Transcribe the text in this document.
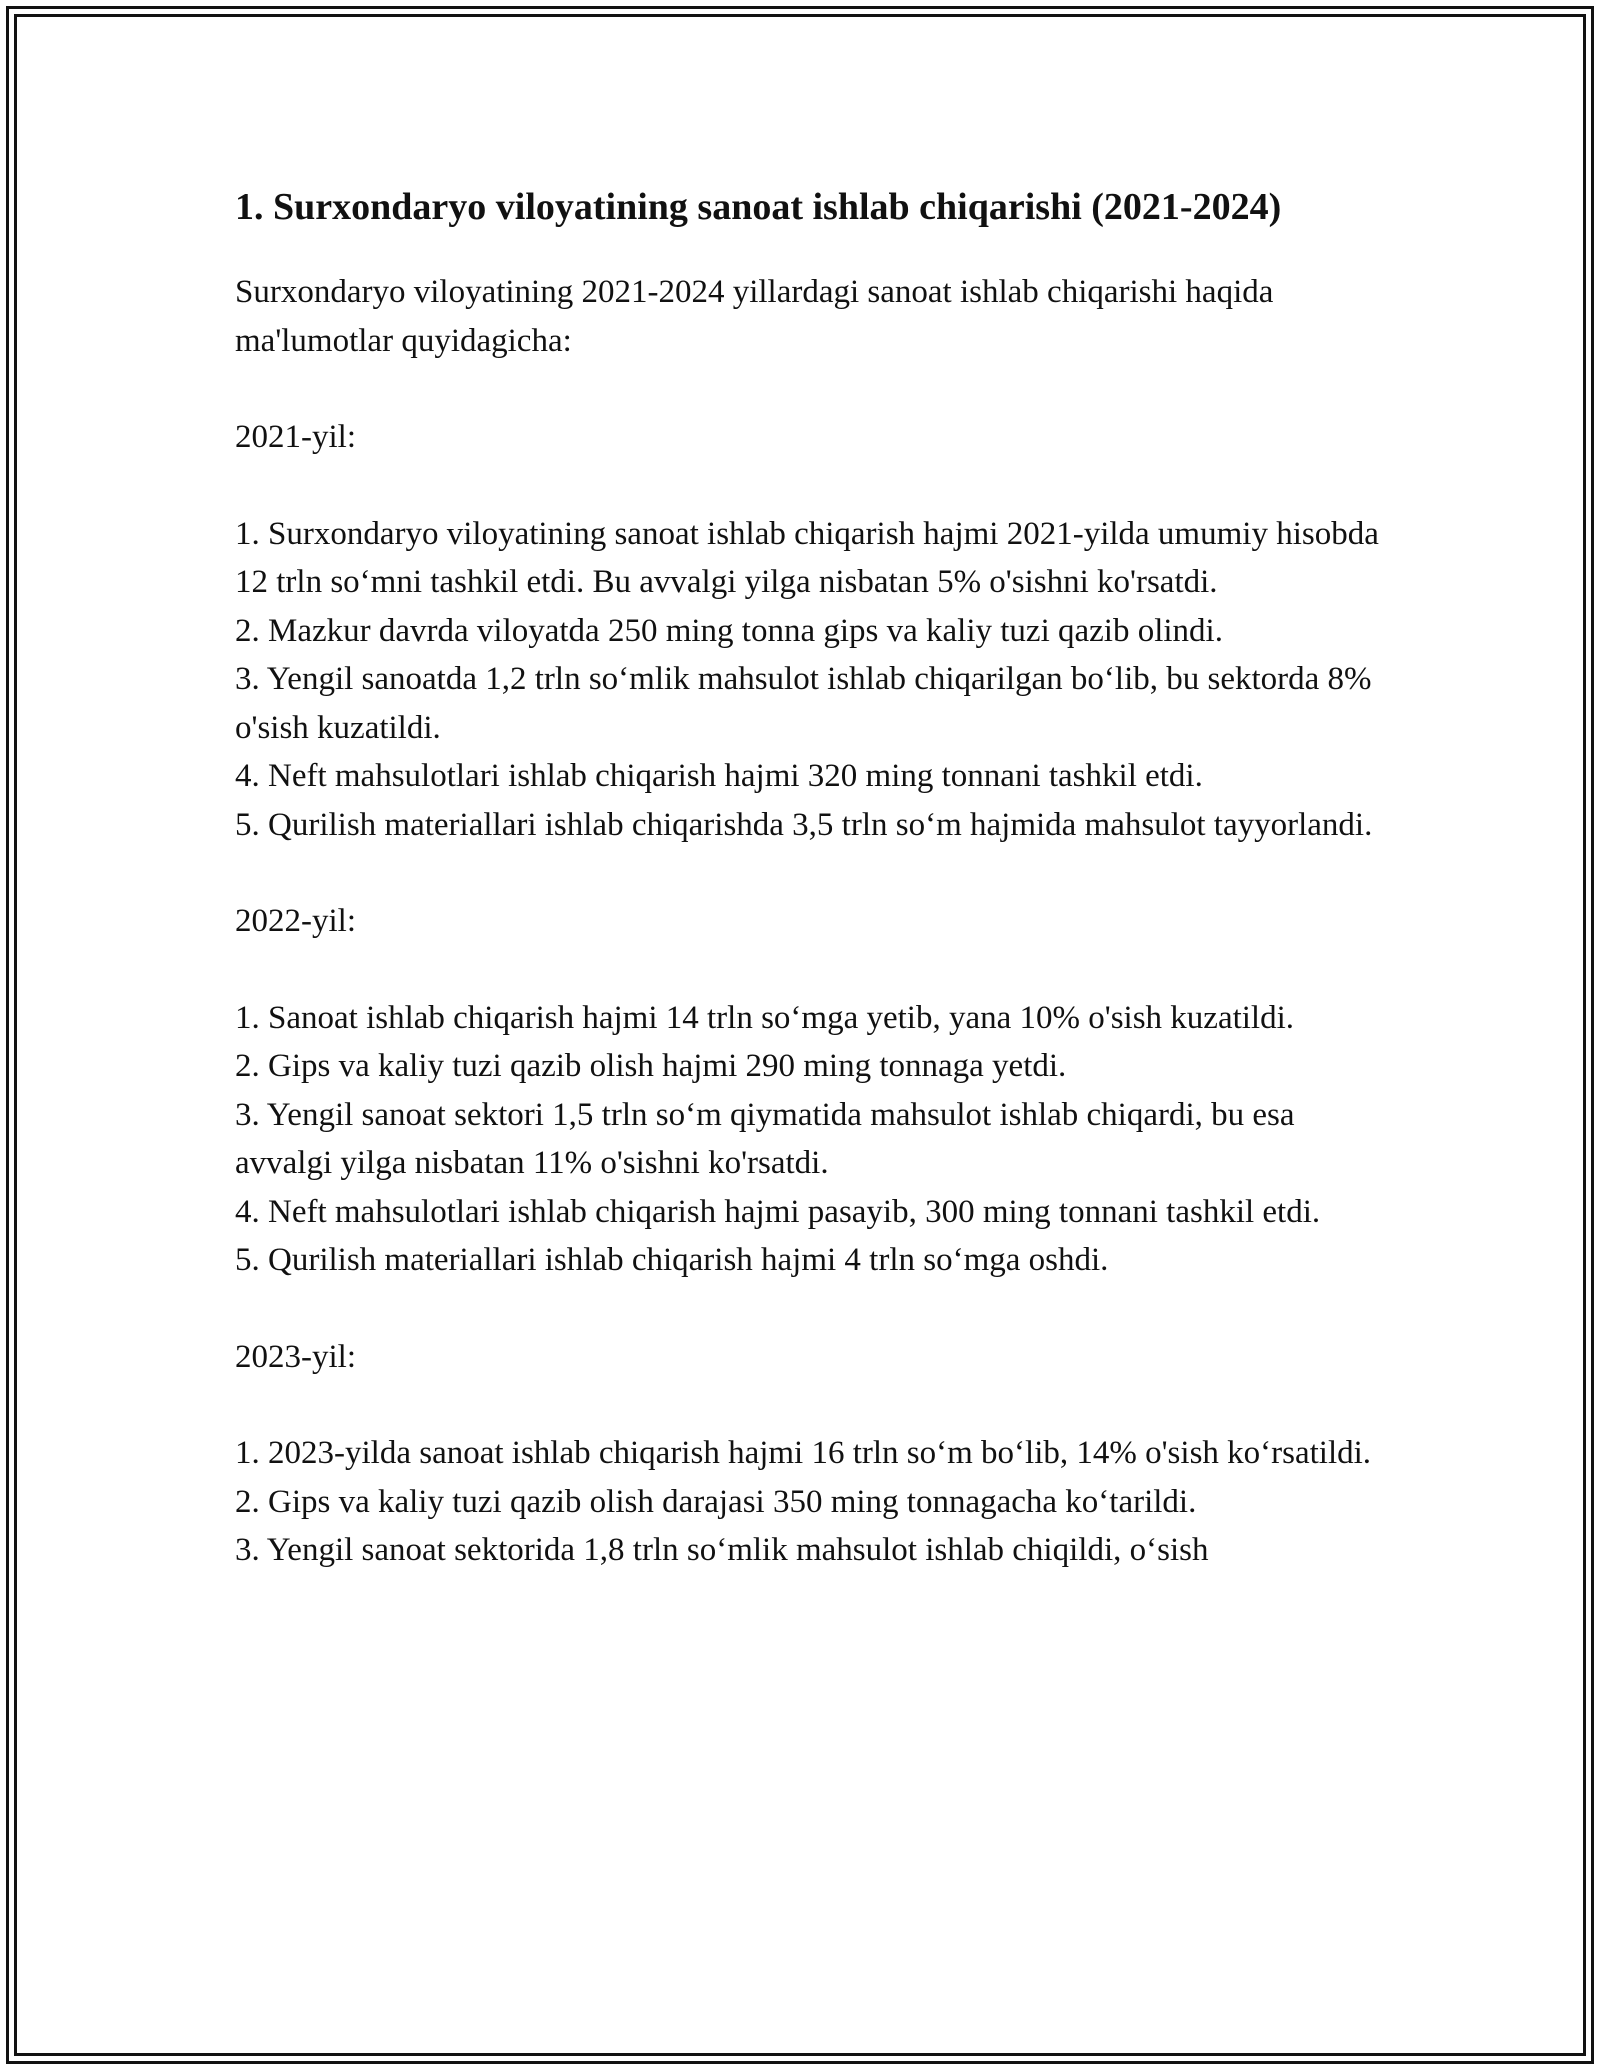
1. Surxondaryo viloyatining sanoat ishlab chiqarishi (2021-2024)

Surxondaryo viloyatining 2021-2024 yillardagi sanoat ishlab chiqarishi haqida ma'lumotlar quyidagicha:

2021-yil:

1. Surxondaryo viloyatining sanoat ishlab chiqarish hajmi 2021-yilda umumiy hisobda 12 trln so‘mni tashkil etdi. Bu avvalgi yilga nisbatan 5% o'sishni ko'rsatdi.

2. Mazkur davrda viloyatda 250 ming tonna gips va kaliy tuzi qazib olindi.

3. Yengil sanoatda 1,2 trln so‘mlik mahsulot ishlab chiqarilgan bo‘lib, bu sektorda 8% o'sish kuzatildi.

4. Neft mahsulotlari ishlab chiqarish hajmi 320 ming tonnani tashkil etdi.

5. Qurilish materiallari ishlab chiqarishda 3,5 trln so‘m hajmida mahsulot tayyorlandi.

2022-yil:

1. Sanoat ishlab chiqarish hajmi 14 trln so‘mga yetib, yana 10% o'sish kuzatildi.

2. Gips va kaliy tuzi qazib olish hajmi 290 ming tonnaga yetdi.

3. Yengil sanoat sektori 1,5 trln so‘m qiymatida mahsulot ishlab chiqardi, bu esa avvalgi yilga nisbatan 11% o'sishni ko'rsatdi.

4. Neft mahsulotlari ishlab chiqarish hajmi pasayib, 300 ming tonnani tashkil etdi.

5. Qurilish materiallari ishlab chiqarish hajmi 4 trln so‘mga oshdi.

2023-yil:

1. 2023-yilda sanoat ishlab chiqarish hajmi 16 trln so‘m bo‘lib, 14% o'sish ko‘rsatildi.

2. Gips va kaliy tuzi qazib olish darajasi 350 ming tonnagacha ko‘tarildi.

3. Yengil sanoat sektorida 1,8 trln so‘mlik mahsulot ishlab chiqildi, o‘sish
